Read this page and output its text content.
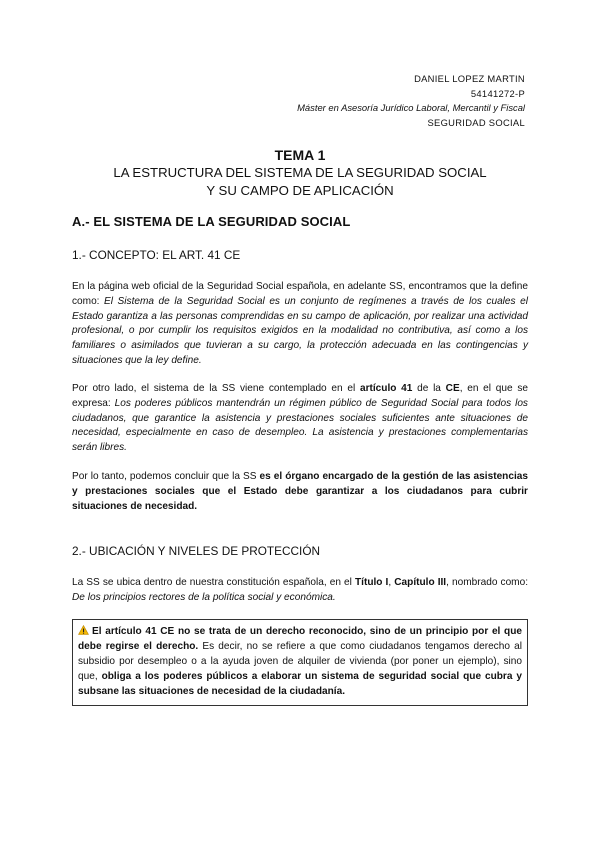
DANIEL LOPEZ MARTIN
54141272-P
Máster en Asesoría Jurídico Laboral, Mercantil y Fiscal
SEGURIDAD SOCIAL
TEMA 1
LA ESTRUCTURA DEL SISTEMA DE LA SEGURIDAD SOCIAL
Y SU CAMPO DE APLICACIÓN
A.- EL SISTEMA DE LA SEGURIDAD SOCIAL
1.- CONCEPTO: EL ART. 41 CE
En la página web oficial de la Seguridad Social española, en adelante SS, encontramos que la define como: El Sistema de la Seguridad Social es un conjunto de regímenes a través de los cuales el Estado garantiza a las personas comprendidas en su campo de aplicación, por realizar una actividad profesional, o por cumplir los requisitos exigidos en la modalidad no contributiva, así como a los familiares o asimilados que tuvieran a su cargo, la protección adecuada en las contingencias y situaciones que la ley define.
Por otro lado, el sistema de la SS viene contemplado en el artículo 41 de la CE, en el que se expresa: Los poderes públicos mantendrán un régimen público de Seguridad Social para todos los ciudadanos, que garantice la asistencia y prestaciones sociales suficientes ante situaciones de necesidad, especialmente en caso de desempleo. La asistencia y prestaciones complementarias serán libres.
Por lo tanto, podemos concluir que la SS es el órgano encargado de la gestión de las asistencias y prestaciones sociales que el Estado debe garantizar a los ciudadanos para cubrir situaciones de necesidad.
2.- UBICACIÓN Y NIVELES DE PROTECCIÓN
La SS se ubica dentro de nuestra constitución española, en el Título I, Capítulo III, nombrado como: De los principios rectores de la política social y económica.
El artículo 41 CE no se trata de un derecho reconocido, sino de un principio por el que debe regirse el derecho. Es decir, no se refiere a que como ciudadanos tengamos derecho al subsidio por desempleo o a la ayuda joven de alquiler de vivienda (por poner un ejemplo), sino que, obliga a los poderes públicos a elaborar un sistema de seguridad social que cubra y subsane las situaciones de necesidad de la ciudadanía.
